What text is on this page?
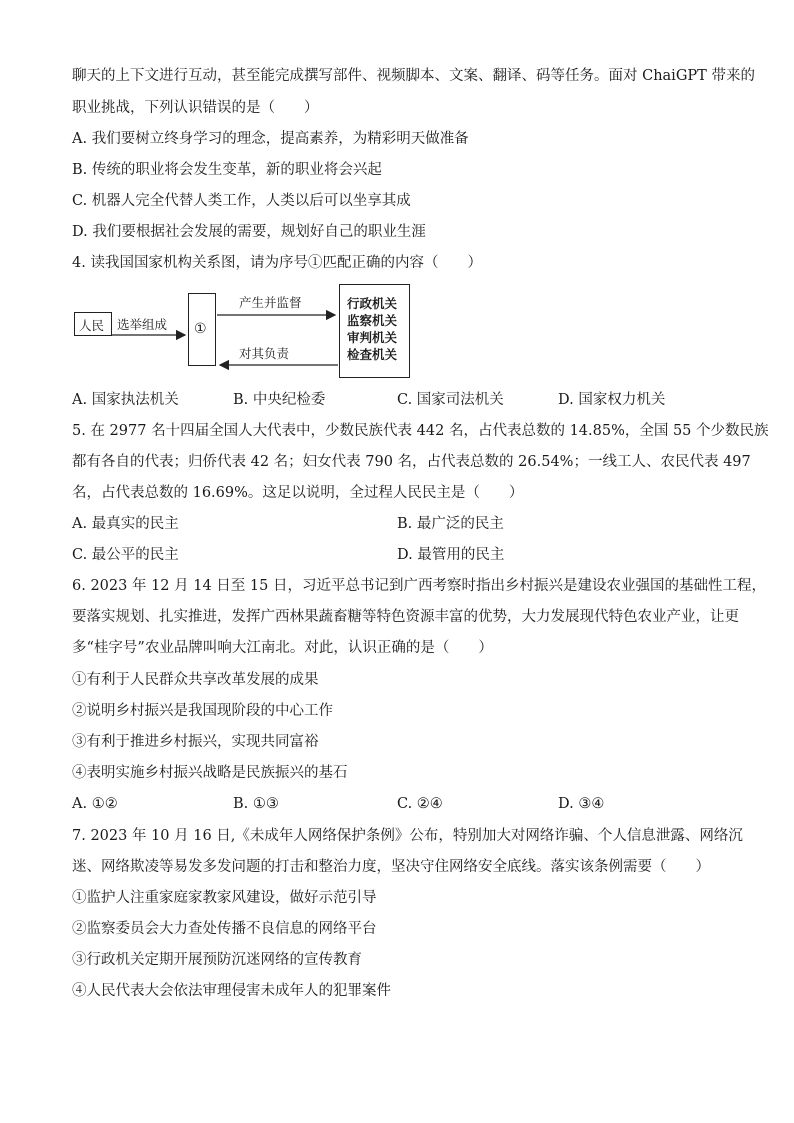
聊天的上下文进行互动，甚至能完成撰写部件、视频脚本、文案、翻译、码等任务。面对 ChaiGPT 带来的
职业挑战，下列认识错误的是（　　）
A. 我们要树立终身学习的理念，提高素养，为精彩明天做准备
B. 传统的职业将会发生变革，新的职业将会兴起
C. 机器人完全代替人类工作，人类以后可以坐享其成
D. 我们要根据社会发展的需要，规划好自己的职业生涯
4. 读我国国家机构关系图，请为序号①匹配正确的内容（　　）
人民 选举组成 ①
产生并监督
对其负责
行政机关
监察机关
审判机关
检查机关
A. 国家执法机关	B. 中央纪检委	C. 国家司法机关	D. 国家权力机关
5. 在 2977 名十四届全国人大代表中，少数民族代表 442 名，占代表总数的 14.85%，全国 55 个少数民族
都有各自的代表；归侨代表 42 名；妇女代表 790 名，占代表总数的 26.54%；一线工人、农民代表 497
名，占代表总数的 16.69%。这足以说明，全过程人民民主是（　　）
A. 最真实的民主	B. 最广泛的民主
C. 最公平的民主	D. 最管用的民主
6. 2023 年 12 月 14 日至 15 日，习近平总书记到广西考察时指出乡村振兴是建设农业强国的基础性工程，
要落实规划、扎实推进，发挥广西林果蔬畜糖等特色资源丰富的优势，大力发展现代特色农业产业，让更
多“桂字号”农业品牌叫响大江南北。对此，认识正确的是（　　）
①有利于人民群众共享改革发展的成果
②说明乡村振兴是我国现阶段的中心工作
③有利于推进乡村振兴，实现共同富裕
④表明实施乡村振兴战略是民族振兴的基石
A. ①②	B. ①③	C. ②④	D. ③④
7. 2023 年 10 月 16 日,《未成年人网络保护条例》公布，特别加大对网络诈骗、个人信息泄露、网络沉
迷、网络欺凌等易发多发问题的打击和整治力度，坚决守住网络安全底线。落实该条例需要（　　）
①监护人注重家庭家教家风建设，做好示范引导
②监察委员会大力查处传播不良信息的网络平台
③行政机关定期开展预防沉迷网络的宣传教育
④人民代表大会依法审理侵害未成年人的犯罪案件
